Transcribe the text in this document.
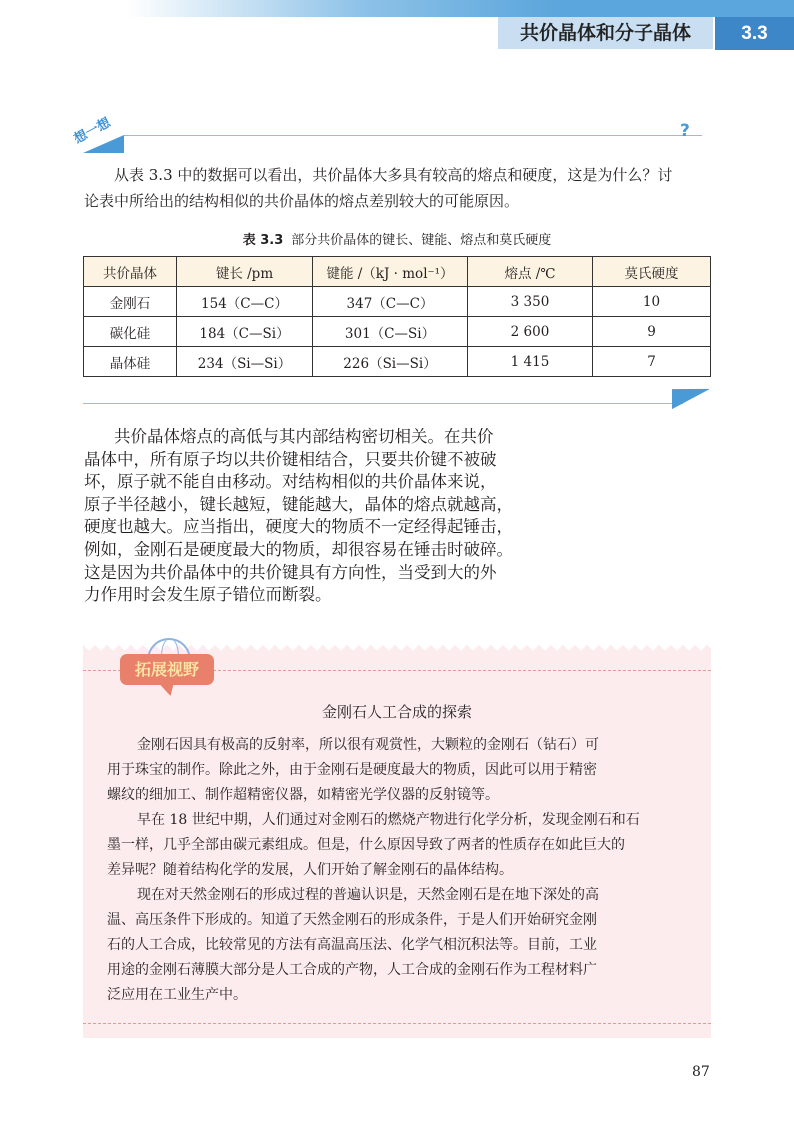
共价晶体和分子晶体	3.3
想一想	?
从表 3.3 中的数据可以看出，共价晶体大多具有较高的熔点和硬度，这是为什么？讨
论表中所给出的结构相似的共价晶体的熔点差别较大的可能原因。
表 3.3 部分共价晶体的键长、键能、熔点和莫氏硬度
共价晶体	键长 /pm	键能 /（kJ · mol⁻¹）	熔点 /℃	莫氏硬度
金刚石	154（C—C）	347（C—C）	3 350	10
碳化硅	184（C—Si）	301（C—Si）	2 600	9
晶体硅	234（Si—Si）	226（Si—Si）	1 415	7
共价晶体熔点的高低与其内部结构密切相关。在共价
晶体中，所有原子均以共价键相结合，只要共价键不被破
坏，原子就不能自由移动。对结构相似的共价晶体来说，
原子半径越小，键长越短，键能越大，晶体的熔点就越高，
硬度也越大。应当指出，硬度大的物质不一定经得起锤击，
例如，金刚石是硬度最大的物质，却很容易在锤击时破碎。
这是因为共价晶体中的共价键具有方向性，当受到大的外
力作用时会发生原子错位而断裂。
拓展视野
金刚石人工合成的探索
金刚石因具有极高的反射率，所以很有观赏性，大颗粒的金刚石（钻石）可
用于珠宝的制作。除此之外，由于金刚石是硬度最大的物质，因此可以用于精密
螺纹的细加工、制作超精密仪器，如精密光学仪器的反射镜等。
早在 18 世纪中期，人们通过对金刚石的燃烧产物进行化学分析，发现金刚石和石
墨一样，几乎全部由碳元素组成。但是，什么原因导致了两者的性质存在如此巨大的
差异呢？随着结构化学的发展，人们开始了解金刚石的晶体结构。
现在对天然金刚石的形成过程的普遍认识是，天然金刚石是在地下深处的高
温、高压条件下形成的。知道了天然金刚石的形成条件，于是人们开始研究金刚
石的人工合成，比较常见的方法有高温高压法、化学气相沉积法等。目前，工业
用途的金刚石薄膜大部分是人工合成的产物，人工合成的金刚石作为工程材料广
泛应用在工业生产中。
87
